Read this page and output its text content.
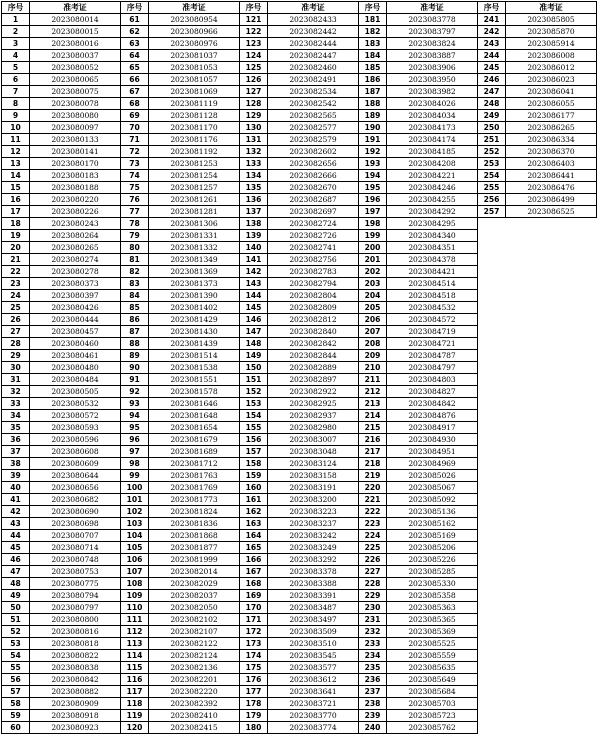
序号	准考证
1	2023080014
2	2023080015
3	2023080016
4	2023080037
5	2023080052
6	2023080065
7	2023080075
8	2023080078
9	2023080080
10	2023080097
11	2023080133
12	2023080141
13	2023080170
14	2023080183
15	2023080188
16	2023080220
17	2023080226
18	2023080243
19	2023080264
20	2023080265
21	2023080274
22	2023080278
23	2023080373
24	2023080397
25	2023080426
26	2023080444
27	2023080457
28	2023080460
29	2023080461
30	2023080480
31	2023080484
32	2023080505
33	2023080532
34	2023080572
35	2023080593
36	2023080596
37	2023080608
38	2023080609
39	2023080644
40	2023080656
41	2023080682
42	2023080690
43	2023080698
44	2023080707
45	2023080714
46	2023080748
47	2023080753
48	2023080775
49	2023080794
50	2023080797
51	2023080800
52	2023080816
53	2023080818
54	2023080822
55	2023080838
56	2023080842
57	2023080882
58	2023080909
59	2023080918
60	2023080923
序号	准考证
61	2023080954
62	2023080966
63	2023080976
64	2023081037
65	2023081053
66	2023081057
67	2023081069
68	2023081119
69	2023081128
70	2023081170
71	2023081176
72	2023081192
73	2023081253
74	2023081254
75	2023081257
76	2023081261
77	2023081281
78	2023081306
79	2023081331
80	2023081332
81	2023081349
82	2023081369
83	2023081373
84	2023081390
85	2023081402
86	2023081429
87	2023081430
88	2023081439
89	2023081514
90	2023081538
91	2023081551
92	2023081578
93	2023081646
94	2023081648
95	2023081654
96	2023081679
97	2023081689
98	2023081712
99	2023081763
100	2023081769
101	2023081773
102	2023081824
103	2023081836
104	2023081868
105	2023081877
106	2023081999
107	2023082014
108	2023082029
109	2023082037
110	2023082050
111	2023082102
112	2023082107
113	2023082122
114	2023082124
115	2023082136
116	2023082201
117	2023082220
118	2023082392
119	2023082410
120	2023082415
序号	准考证
121	2023082433
122	2023082442
123	2023082444
124	2023082447
125	2023082460
126	2023082491
127	2023082534
128	2023082542
129	2023082565
130	2023082577
131	2023082579
132	2023082602
133	2023082656
134	2023082666
135	2023082670
136	2023082687
137	2023082697
138	2023082724
139	2023082726
140	2023082741
141	2023082756
142	2023082783
143	2023082794
144	2023082804
145	2023082809
146	2023082812
147	2023082840
148	2023082842
149	2023082844
150	2023082889
151	2023082897
152	2023082922
153	2023082925
154	2023082937
155	2023082980
156	2023083007
157	2023083048
158	2023083124
159	2023083158
160	2023083191
161	2023083200
162	2023083223
163	2023083237
164	2023083242
165	2023083249
166	2023083292
167	2023083378
168	2023083388
169	2023083391
170	2023083487
171	2023083497
172	2023083509
173	2023083510
174	2023083545
175	2023083577
176	2023083612
177	2023083641
178	2023083721
179	2023083770
180	2023083774
序号	准考证
181	2023083778
182	2023083797
183	2023083824
184	2023083887
185	2023083906
186	2023083950
187	2023083982
188	2023084026
189	2023084034
190	2023084173
191	2023084174
192	2023084185
193	2023084208
194	2023084221
195	2023084246
196	2023084255
197	2023084292
198	2023084295
199	2023084340
200	2023084351
201	2023084378
202	2023084421
203	2023084514
204	2023084518
205	2023084532
206	2023084572
207	2023084719
208	2023084721
209	2023084787
210	2023084797
211	2023084803
212	2023084827
213	2023084842
214	2023084876
215	2023084917
216	2023084930
217	2023084951
218	2023084969
219	2023085026
220	2023085067
221	2023085092
222	2023085136
223	2023085162
224	2023085169
225	2023085206
226	2023085226
227	2023085285
228	2023085330
229	2023085358
230	2023085363
231	2023085365
232	2023085369
233	2023085525
234	2023085559
235	2023085635
236	2023085649
237	2023085684
238	2023085703
239	2023085723
240	2023085762
序号	准考证
241	2023085805
242	2023085870
243	2023085914
244	2023086008
245	2023086012
246	2023086023
247	2023086041
248	2023086055
249	2023086177
250	2023086265
251	2023086334
252	2023086370
253	2023086403
254	2023086441
255	2023086476
256	2023086499
257	2023086525
